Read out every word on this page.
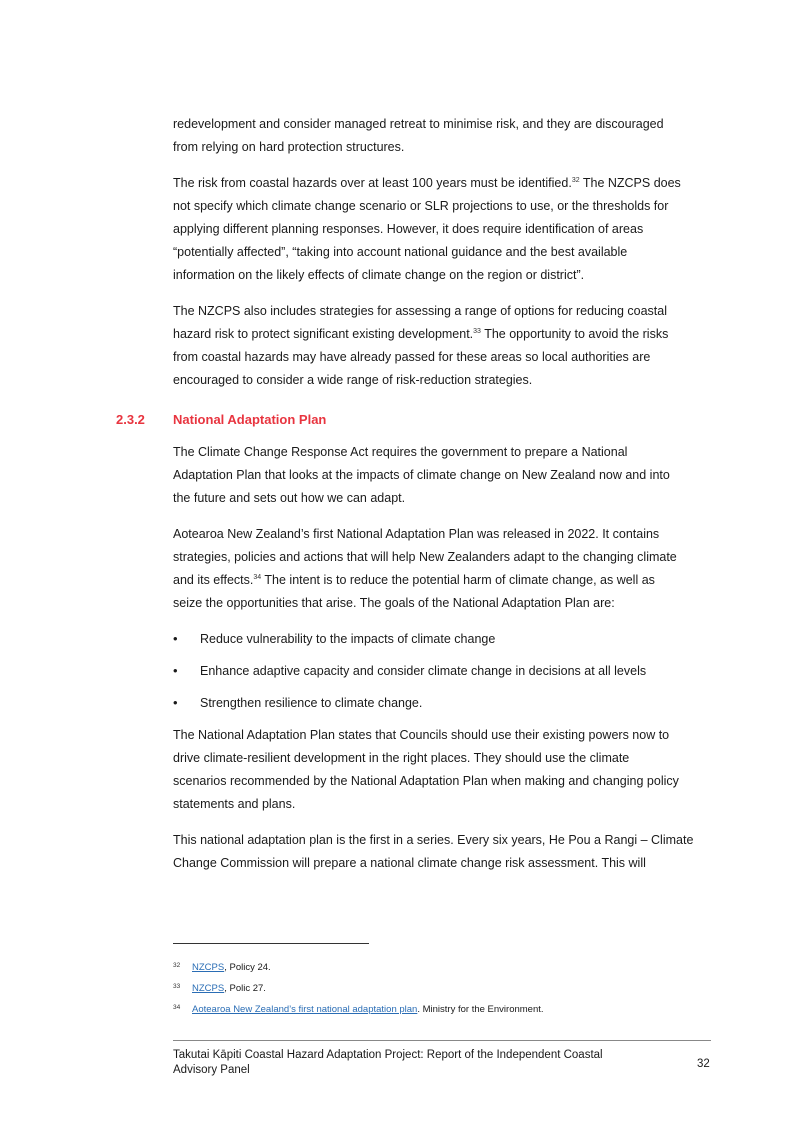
redevelopment and consider managed retreat to minimise risk, and they are discouraged
from relying on hard protection structures.
The risk from coastal hazards over at least 100 years must be identified.$^{32}$ The NZCPS does
not specify which climate change scenario or SLR projections to use, or the thresholds for
applying different planning responses. However, it does require identification of areas
“potentially affected”, “taking into account national guidance and the best available
information on the likely effects of climate change on the region or district”.
The NZCPS also includes strategies for assessing a range of options for reducing coastal
hazard risk to protect significant existing development.$^{33}$ The opportunity to avoid the risks
from coastal hazards may have already passed for these areas so local authorities are
encouraged to consider a wide range of risk-reduction strategies.
2.3.2 National Adaptation Plan
The Climate Change Response Act requires the government to prepare a National
Adaptation Plan that looks at the impacts of climate change on New Zealand now and into
the future and sets out how we can adapt.
Aotearoa New Zealand’s first National Adaptation Plan was released in 2022. It contains
strategies, policies and actions that will help New Zealanders adapt to the changing climate
and its effects.$^{34}$ The intent is to reduce the potential harm of climate change, as well as
seize the opportunities that arise. The goals of the National Adaptation Plan are:
• Reduce vulnerability to the impacts of climate change
• Enhance adaptive capacity and consider climate change in decisions at all levels
• Strengthen resilience to climate change.
The National Adaptation Plan states that Councils should use their existing powers now to
drive climate-resilient development in the right places. They should use the climate
scenarios recommended by the National Adaptation Plan when making and changing policy
statements and plans.
This national adaptation plan is the first in a series. Every six years, He Pou a Rangi – Climate
Change Commission will prepare a national climate change risk assessment. This will
32 NZCPS, Policy 24.
33 NZCPS, Polic 27.
34 Aotearoa New Zealand’s first national adaptation plan. Ministry for the Environment.
Takutai Kāpiti Coastal Hazard Adaptation Project: Report of the Independent Coastal
Advisory Panel	32
